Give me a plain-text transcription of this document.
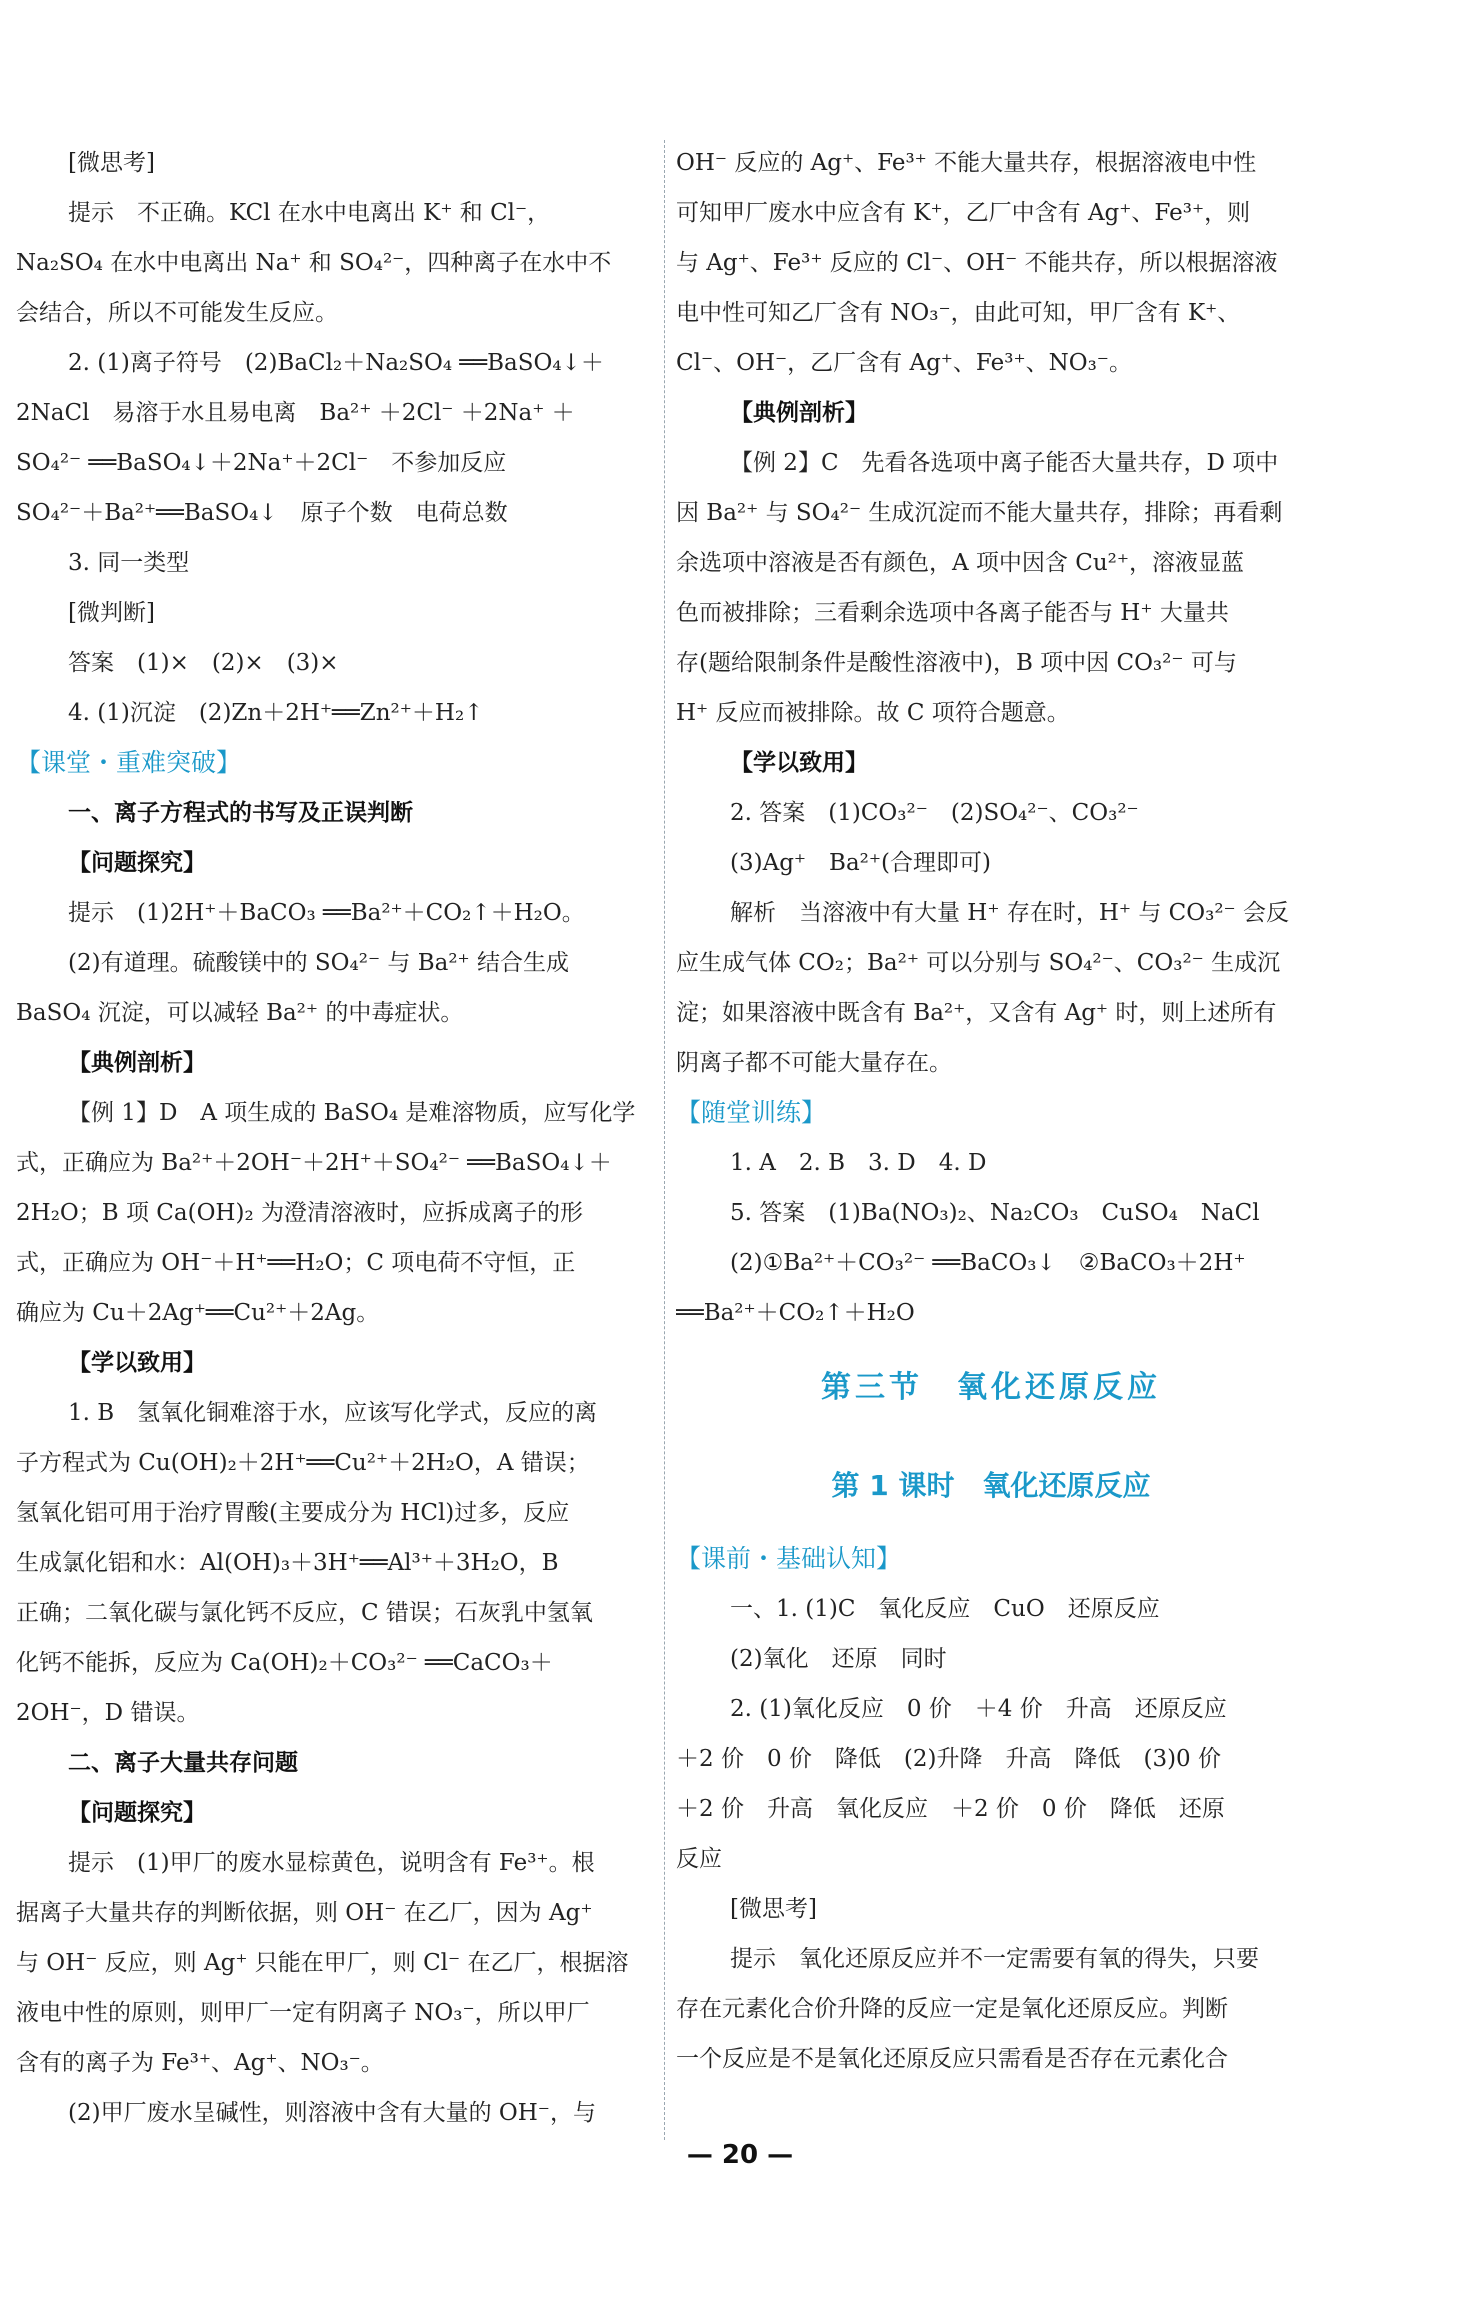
[微思考]
提示　不正确。KCl 在水中电离出 K⁺ 和 Cl⁻，
Na₂SO₄ 在水中电离出 Na⁺ 和 SO₄²⁻，四种离子在水中不
会结合，所以不可能发生反应。
2. (1)离子符号　(2)BaCl₂＋Na₂SO₄ ══BaSO₄↓＋
2NaCl　易溶于水且易电离　Ba²⁺ ＋2Cl⁻ ＋2Na⁺ ＋
SO₄²⁻ ══BaSO₄↓＋2Na⁺＋2Cl⁻　不参加反应
SO₄²⁻＋Ba²⁺══BaSO₄↓　原子个数　电荷总数
3. 同一类型
[微判断]
答案　(1)×　(2)×　(3)×
4. (1)沉淀　(2)Zn＋2H⁺══Zn²⁺＋H₂↑
【课堂・重难突破】
一、离子方程式的书写及正误判断
【问题探究】
提示　(1)2H⁺＋BaCO₃ ══Ba²⁺＋CO₂↑＋H₂O。
(2)有道理。硫酸镁中的 SO₄²⁻ 与 Ba²⁺ 结合生成
BaSO₄ 沉淀，可以减轻 Ba²⁺ 的中毒症状。
【典例剖析】
【例 1】D　A 项生成的 BaSO₄ 是难溶物质，应写化学
式，正确应为 Ba²⁺＋2OH⁻＋2H⁺＋SO₄²⁻ ══BaSO₄↓＋
2H₂O；B 项 Ca(OH)₂ 为澄清溶液时，应拆成离子的形
式，正确应为 OH⁻＋H⁺══H₂O；C 项电荷不守恒，正
确应为 Cu＋2Ag⁺══Cu²⁺＋2Ag。
【学以致用】
1. B　氢氧化铜难溶于水，应该写化学式，反应的离
子方程式为 Cu(OH)₂＋2H⁺══Cu²⁺＋2H₂O，A 错误；
氢氧化铝可用于治疗胃酸(主要成分为 HCl)过多，反应
生成氯化铝和水：Al(OH)₃＋3H⁺══Al³⁺＋3H₂O，B
正确；二氧化碳与氯化钙不反应，C 错误；石灰乳中氢氧
化钙不能拆，反应为 Ca(OH)₂＋CO₃²⁻ ══CaCO₃＋
2OH⁻，D 错误。
二、离子大量共存问题
【问题探究】
提示　(1)甲厂的废水显棕黄色，说明含有 Fe³⁺。根
据离子大量共存的判断依据，则 OH⁻ 在乙厂，因为 Ag⁺
与 OH⁻ 反应，则 Ag⁺ 只能在甲厂，则 Cl⁻ 在乙厂，根据溶
液电中性的原则，则甲厂一定有阴离子 NO₃⁻，所以甲厂
含有的离子为 Fe³⁺、Ag⁺、NO₃⁻。
(2)甲厂废水呈碱性，则溶液中含有大量的 OH⁻，与
OH⁻ 反应的 Ag⁺、Fe³⁺ 不能大量共存，根据溶液电中性
可知甲厂废水中应含有 K⁺，乙厂中含有 Ag⁺、Fe³⁺，则
与 Ag⁺、Fe³⁺ 反应的 Cl⁻、OH⁻ 不能共存，所以根据溶液
电中性可知乙厂含有 NO₃⁻，由此可知，甲厂含有 K⁺、
Cl⁻、OH⁻，乙厂含有 Ag⁺、Fe³⁺、NO₃⁻。
【典例剖析】
【例 2】C　先看各选项中离子能否大量共存，D 项中
因 Ba²⁺ 与 SO₄²⁻ 生成沉淀而不能大量共存，排除；再看剩
余选项中溶液是否有颜色，A 项中因含 Cu²⁺，溶液显蓝
色而被排除；三看剩余选项中各离子能否与 H⁺ 大量共
存(题给限制条件是酸性溶液中)，B 项中因 CO₃²⁻ 可与
H⁺ 反应而被排除。故 C 项符合题意。
【学以致用】
2. 答案　(1)CO₃²⁻　(2)SO₄²⁻、CO₃²⁻
(3)Ag⁺　Ba²⁺(合理即可)
解析　当溶液中有大量 H⁺ 存在时，H⁺ 与 CO₃²⁻ 会反
应生成气体 CO₂；Ba²⁺ 可以分别与 SO₄²⁻、CO₃²⁻ 生成沉
淀；如果溶液中既含有 Ba²⁺，又含有 Ag⁺ 时，则上述所有
阴离子都不可能大量存在。
【随堂训练】
1. A　2. B　3. D　4. D
5. 答案　(1)Ba(NO₃)₂、Na₂CO₃　CuSO₄　NaCl
(2)①Ba²⁺＋CO₃²⁻ ══BaCO₃↓　②BaCO₃＋2H⁺
══Ba²⁺＋CO₂↑＋H₂O
第三节　氧化还原反应
第 1 课时　氧化还原反应
【课前・基础认知】
一、1. (1)C　氧化反应　CuO　还原反应
(2)氧化　还原　同时
2. (1)氧化反应　0 价　＋4 价　升高　还原反应
＋2 价　0 价　降低　(2)升降　升高　降低　(3)0 价
＋2 价　升高　氧化反应　＋2 价　0 价　降低　还原
反应
[微思考]
提示　氧化还原反应并不一定需要有氧的得失，只要
存在元素化合价升降的反应一定是氧化还原反应。判断
一个反应是不是氧化还原反应只需看是否存在元素化合
— 20 —
